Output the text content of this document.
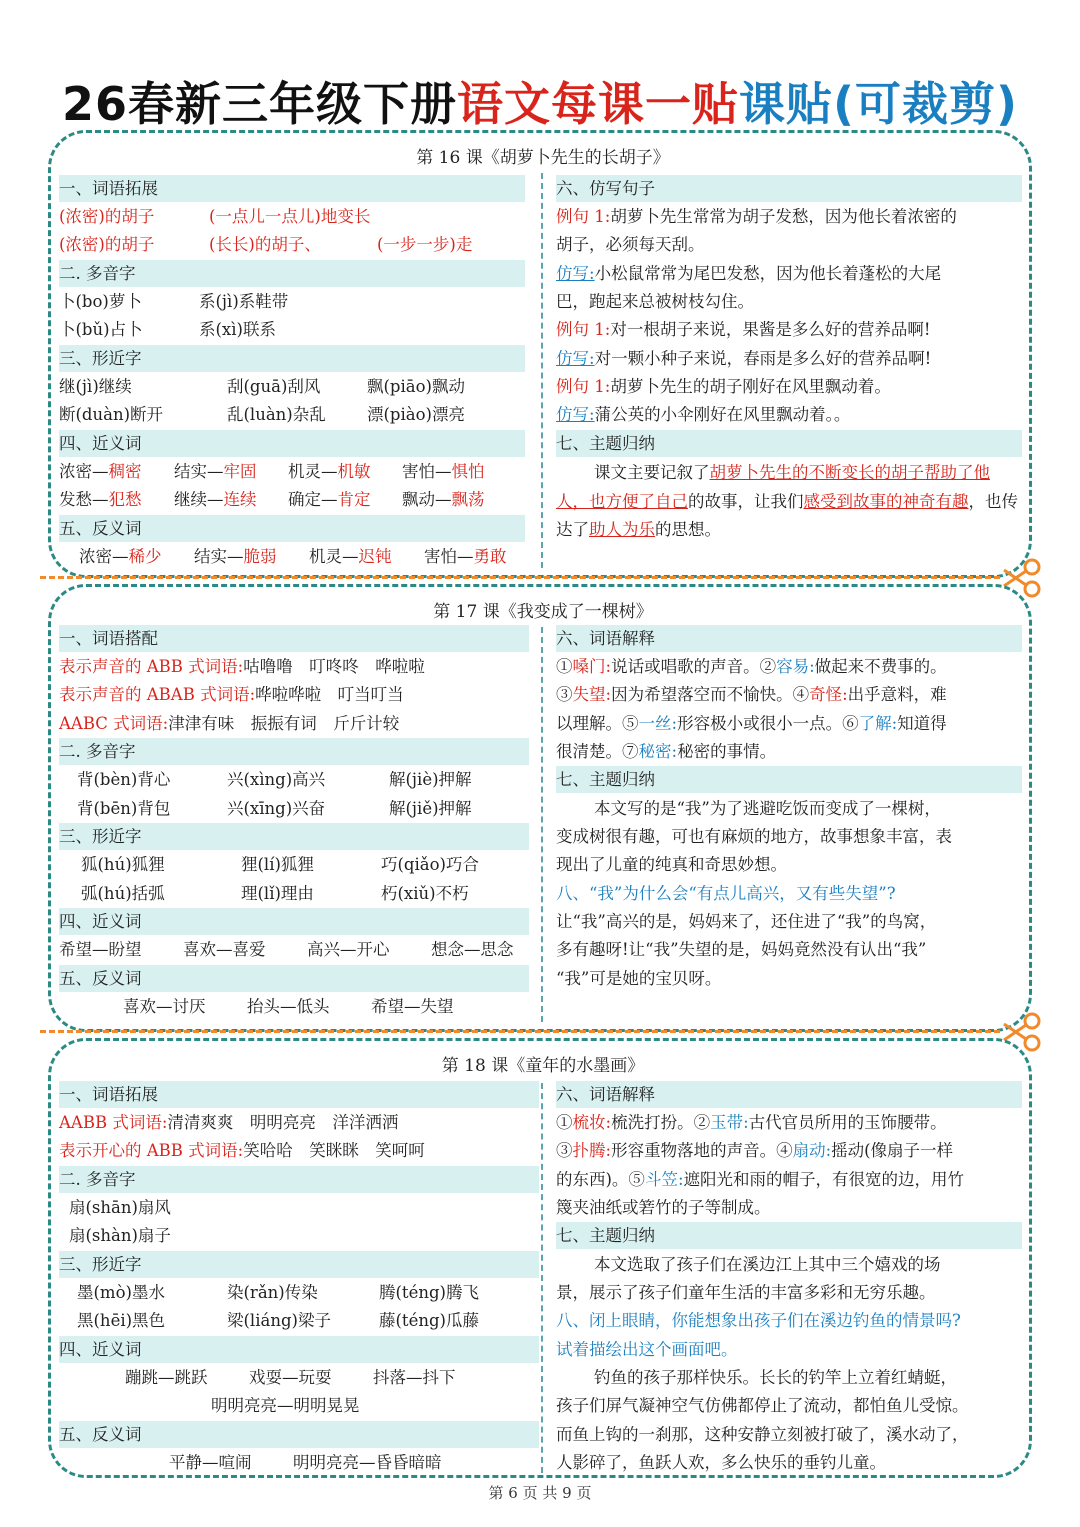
26春新三年级下册语文每课一贴课贴(可裁剪)
第 16 课《胡萝卜先生的长胡子》
一、词语拓展
(浓密)的胡子	(一点儿一点儿)地变长
(浓密)的胡子	(长长)的胡子、	(一步一步)走
二. 多音字
卜(bo)萝卜	系(jì)系鞋带
卜(bǔ)占卜	系(xì)联系
三、形近字
继(jì)继续	刮(guā)刮风	飘(piāo)飘动
断(duàn)断开	乱(luàn)杂乱	漂(piào)漂亮
四、近义词
浓密—稠密 结实—牢固 机灵—机敏 害怕—惧怕
发愁—犯愁 继续—连续 确定—肯定 飘动—飘荡
五、反义词
浓密—稀少 结实—脆弱 机灵—迟钝 害怕—勇敢
六、仿写句子
例句 1:胡萝卜先生常常为胡子发愁，因为他长着浓密的
胡子，必须每天刮。
仿写:小松鼠常常为尾巴发愁，因为他长着蓬松的大尾
巴，跑起来总被树枝勾住。
例句 1:对一根胡子来说，果酱是多么好的营养品啊!
仿写:对一颗小种子来说，春雨是多么好的营养品啊!
例句 1:胡萝卜先生的胡子刚好在风里飘动着。
仿写:蒲公英的小伞刚好在风里飘动着。。
七、主题归纳
课文主要记叙了胡萝卜先生的不断变长的胡子帮助了他人，也方便了自己的故事，让我们感受到故事的神奇有趣，也传达了助人为乐的思想。
第 17 课《我变成了一棵树》
一、词语搭配
表示声音的 ABB 式词语:咕噜噜　叮咚咚　哗啦啦
表示声音的 ABAB 式词语:哗啦哗啦　叮当叮当
AABC 式词语:津津有味　振振有词　斤斤计较
二. 多音字
背(bèn)背心	兴(xìng)高兴	解(jiè)押解
背(bēn)背包	兴(xīng)兴奋	解(jiě)押解
三、形近字
狐(hú)狐狸	狸(lí)狐狸	巧(qiǎo)巧合
弧(hú)括弧	理(lǐ)理由	朽(xiǔ)不朽
四、近义词
希望—盼望	喜欢—喜爱	高兴—开心	想念—思念
五、反义词
喜欢—讨厌	抬头—低头	希望—失望
六、词语解释
①嗓门:说话或唱歌的声音。②容易:做起来不费事的。
③失望:因为希望落空而不愉快。④奇怪:出乎意料，难
以理解。⑤一丝:形容极小或很小一点。⑥了解:知道得
很清楚。⑦秘密:秘密的事情。
七、主题归纳
本文写的是“我”为了逃避吃饭而变成了一棵树，
变成树很有趣，可也有麻烦的地方，故事想象丰富，表
现出了儿童的纯真和奇思妙想。
八、“我”为什么会“有点儿高兴，又有些失望”?
让“我”高兴的是，妈妈来了，还住进了“我”的鸟窝，
多有趣呀!让“我”失望的是，妈妈竟然没有认出“我”
“我”可是她的宝贝呀。
第 18 课《童年的水墨画》
一、词语拓展
AABB 式词语:清清爽爽　明明亮亮　洋洋洒洒
表示开心的 ABB 式词语:笑哈哈　笑眯眯　笑呵呵
二. 多音字
扇(shān)扇风
扇(shàn)扇子
三、形近字
墨(mò)墨水	染(rǎn)传染	腾(téng)腾飞
黑(hēi)黑色	梁(liáng)梁子	藤(téng)瓜藤
四、近义词
蹦跳—跳跃	戏耍—玩耍	抖落—抖下
明明亮亮—明明晃晃
五、反义词
平静—喧闹	明明亮亮—昏昏暗暗
六、词语解释
①梳妆:梳洗打扮。②玉带:古代官员所用的玉饰腰带。
③扑腾:形容重物落地的声音。④扇动:摇动(像扇子一样
的东西)。⑤斗笠:遮阳光和雨的帽子，有很宽的边，用竹
篾夹油纸或箬竹的子等制成。
七、主题归纳
本文选取了孩子们在溪边江上其中三个嬉戏的场
景，展示了孩子们童年生活的丰富多彩和无穷乐趣。
八、闭上眼睛，你能想象出孩子们在溪边钓鱼的情景吗?
试着描绘出这个画面吧。
钓鱼的孩子那样快乐。长长的钓竿上立着红蜻蜓，
孩子们屏气凝神空气仿佛都停止了流动，都怕鱼儿受惊。
而鱼上钩的一刹那，这种安静立刻被打破了，溪水动了，
人影碎了，鱼跃人欢，多么快乐的垂钓儿童。
第 6 页 共 9 页
